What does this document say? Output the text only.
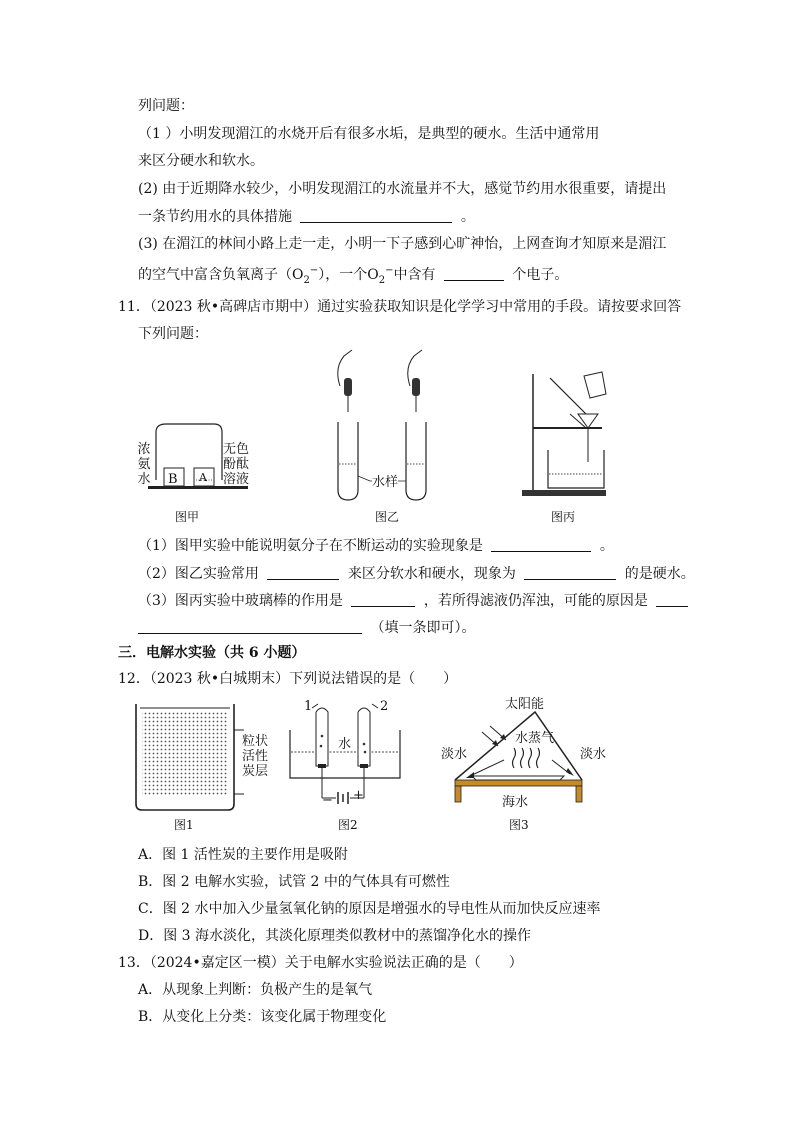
列问题：
（1 ）小明发现湄江的水烧开后有很多水垢，是典型的硬水。生活中通常用
来区分硬水和软水。
(2) 由于近期降水较少，小明发现湄江的水流量并不大，感觉节约用水很重要，请提出
一条节约用水的具体措施	。
(3) 在湄江的林间小路上走一走，小明一下子感到心旷神怡，上网查询才知原来是湄江
的空气中富含负氧离子$(O_2^-)$，一个$O_2^-$中含有	个电子。
11．（2023 秋•高碑店市期中）通过实验获取知识是化学学习中常用的手段。请按要求回答
下列问题：
浓
氨
水
无色
酚酞
溶液
B A
图甲
水样
图乙	图丙
（1）图甲实验中能说明氨分子在不断运动的实验现象是	。
（2）图乙实验常用	来区分软水和硬水，现象为	的是硬水。
（3）图丙实验中玻璃棒的作用是	，若所得滤液仍浑浊，可能的原因是
（填一条即可）。
三．电解水实验（共 6 小题）
12．（2023 秋•白城期末）下列说法错误的是（　　）
粒状
活性
炭层
图1
1	2
水
− +
图2
太阳能
水蒸气
淡水	淡水
海水
图3
A．图 1 活性炭的主要作用是吸附
B．图 2 电解水实验，试管 2 中的气体具有可燃性
C．图 2 水中加入少量氢氧化钠的原因是增强水的导电性从而加快反应速率
D．图 3 海水淡化，其淡化原理类似教材中的蒸馏净化水的操作
13．（2024•嘉定区一模）关于电解水实验说法正确的是（　　）
A．从现象上判断：负极产生的是氧气
B．从变化上分类：该变化属于物理变化
